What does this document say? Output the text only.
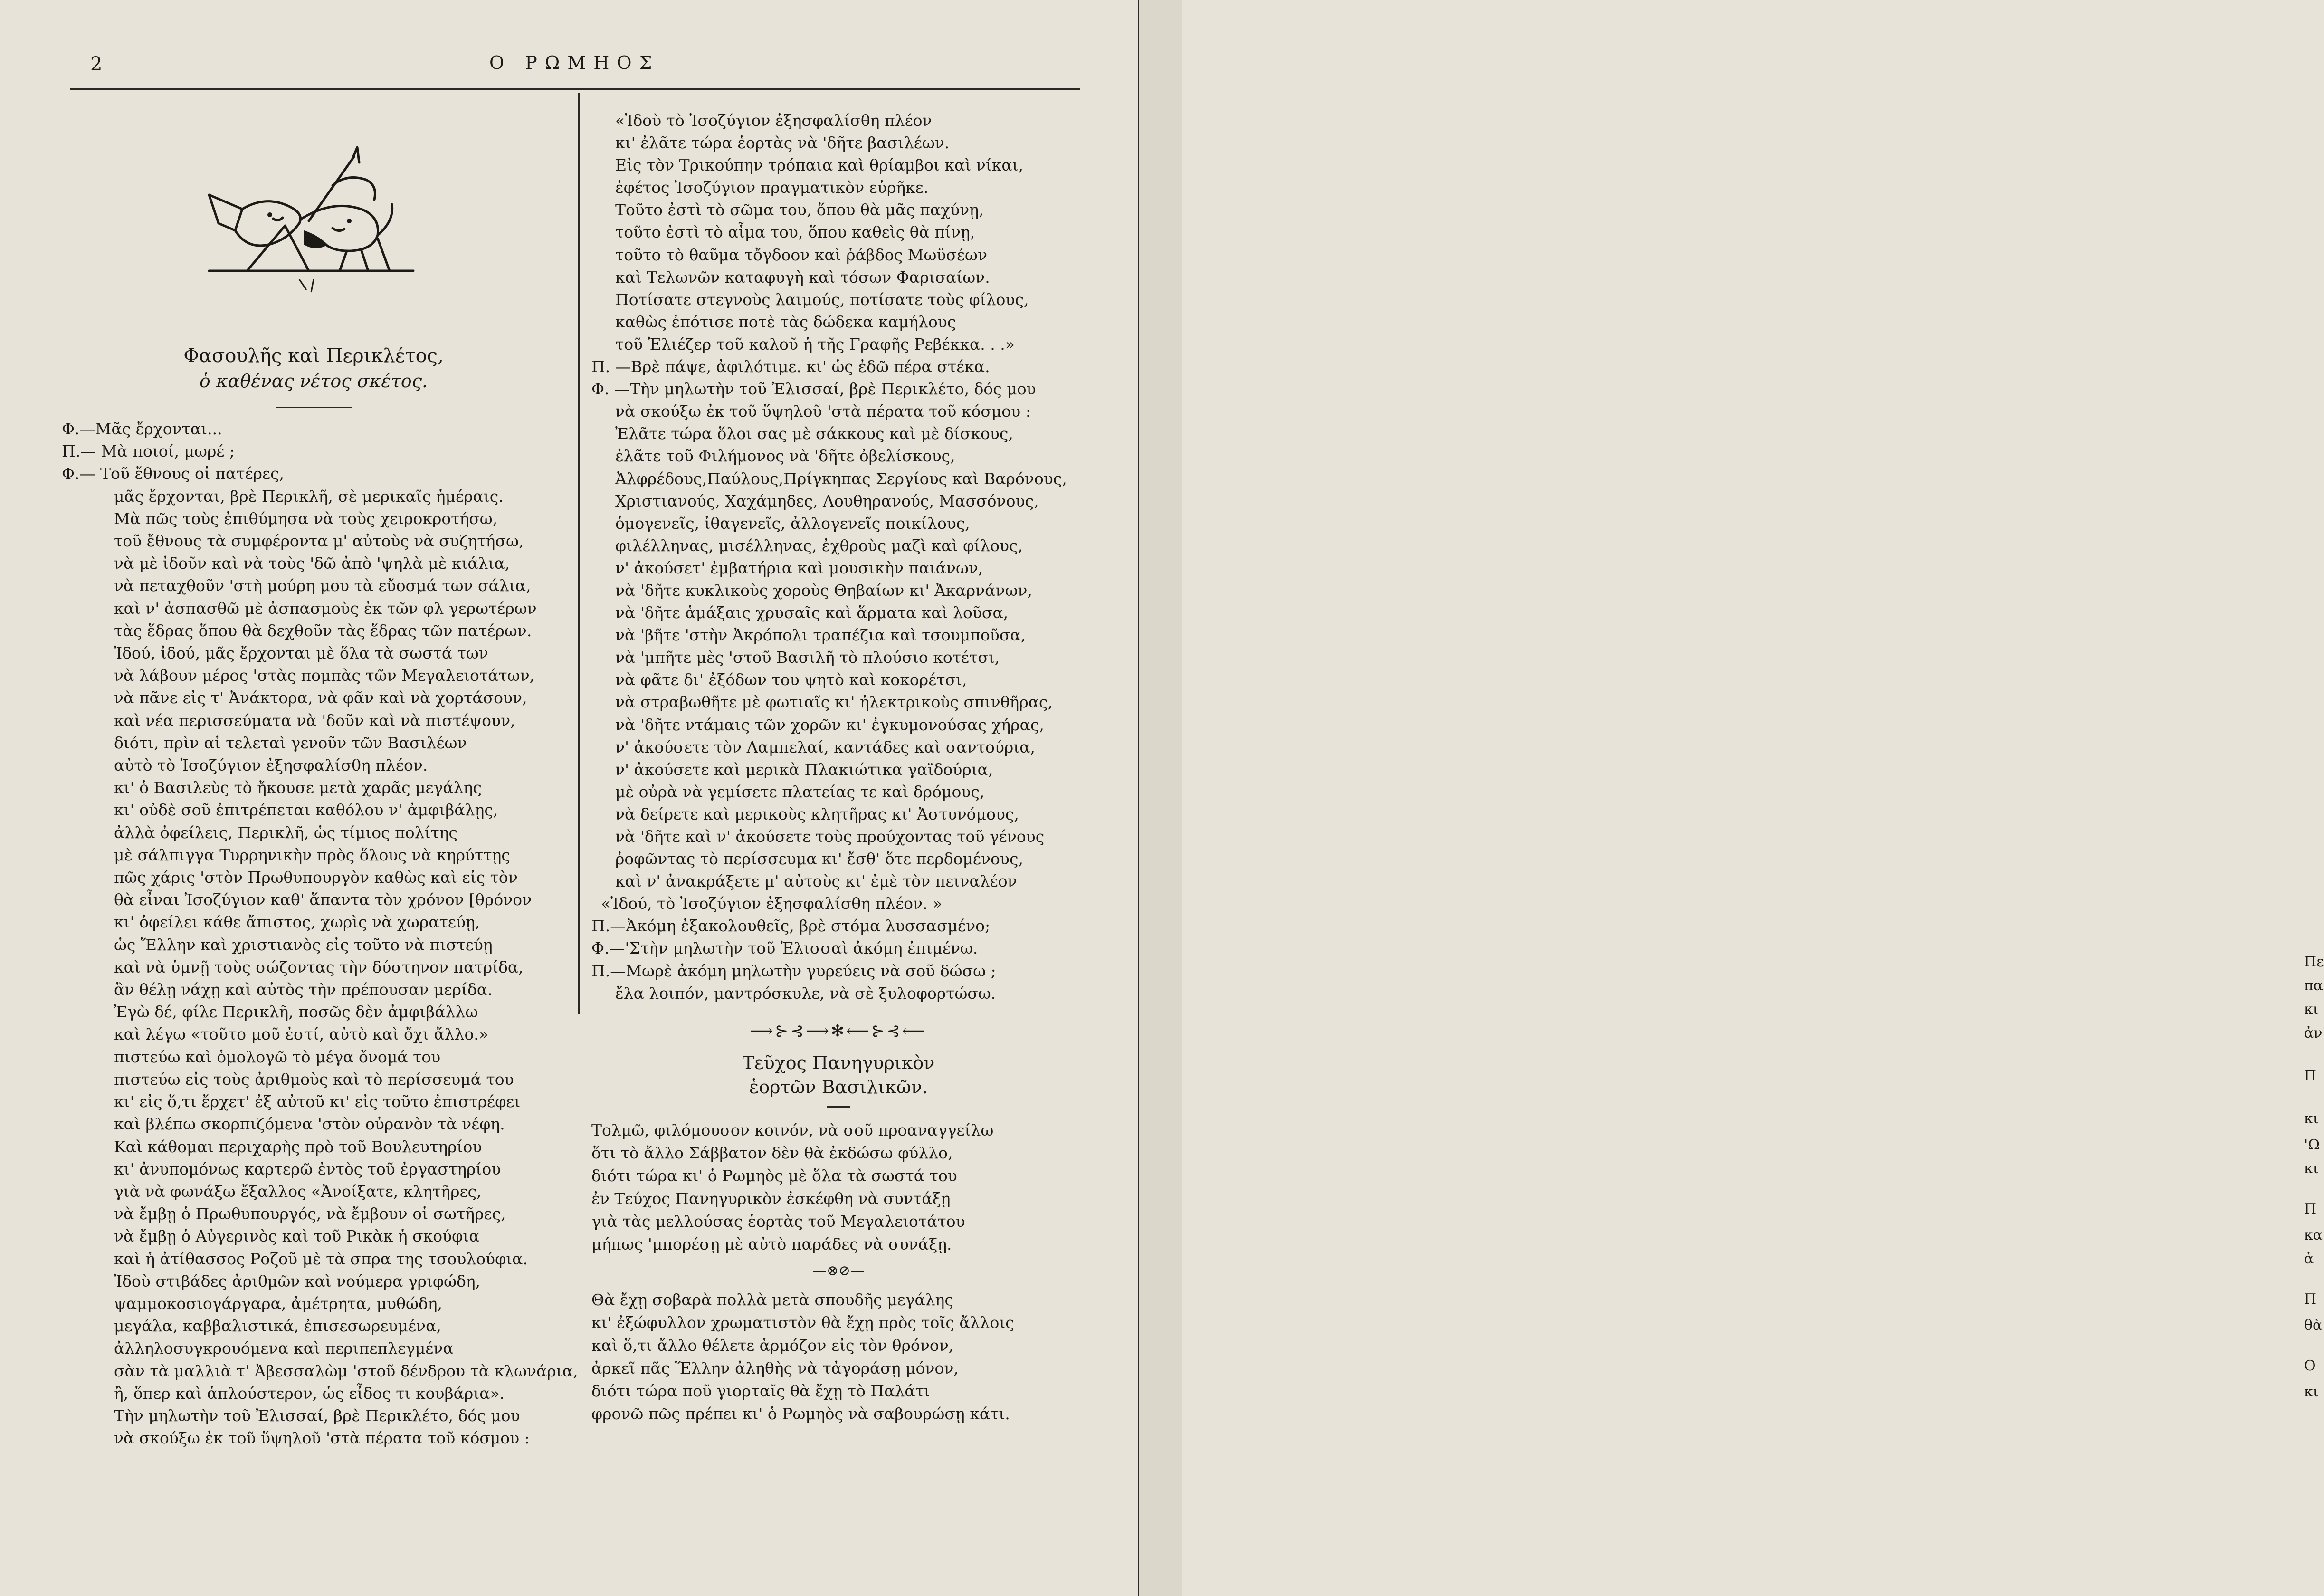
Πε
πα
κι
ἀν
Π
κι
'Ω
κι
Π
κα
ἀ
Π
θὰ
Ο
κι
2	Ο ΡΩΜΗΟΣ
Φασουλῆς καὶ Περικλέτος,
ὁ καθένας νέτος σκέτος.
Φ.—Μᾶς ἔρχονται...
Π.— Μὰ ποιοί, μωρέ ;
Φ.— Τοῦ ἔθνους οἱ πατέρες,
μᾶς ἔρχονται, βρὲ Περικλῆ, σὲ μερικαῖς ἡμέραις.
Μὰ πῶς τοὺς ἐπιθύμησα νὰ τοὺς χειροκροτήσω,
τοῦ ἔθνους τὰ συμφέροντα μ' αὐτοὺς νὰ συζητήσω,
νὰ μὲ ἰδοῦν καὶ νὰ τοὺς 'δῶ ἀπὸ 'ψηλὰ μὲ κιάλια,
νὰ πεταχθοῦν 'στὴ μούρη μου τὰ εὔοσμά των σάλια,
καὶ ν' ἀσπασθῶ μὲ ἀσπασμοὺς ἐκ τῶν φλ γερωτέρων
τὰς ἕδρας ὅπου θὰ δεχθοῦν τὰς ἕδρας τῶν πατέρων.
Ἰδού, ἰδού, μᾶς ἔρχονται μὲ ὅλα τὰ σωστά των
νὰ λάβουν μέρος 'στὰς πομπὰς τῶν Μεγαλειοτάτων,
νὰ πᾶνε εἰς τ' Ἀνάκτορα, νὰ φᾶν καὶ νὰ χορτάσουν,
καὶ νέα περισσεύματα νὰ 'δοῦν καὶ νὰ πιστέψουν,
διότι, πρὶν αἱ τελεταὶ γενοῦν τῶν Βασιλέων
αὐτὸ τὸ Ἰσοζύγιον ἐξησφαλίσθη πλέον.
κι' ὁ Βασιλεὺς τὸ ἤκουσε μετὰ χαρᾶς μεγάλης
κι' οὐδὲ σοῦ ἐπιτρέπεται καθόλου ν' ἀμφιβάλῃς,
ἀλλὰ ὀφείλεις, Περικλῆ, ὡς τίμιος πολίτης
μὲ σάλπιγγα Τυρρηνικὴν πρὸς ὅλους νὰ κηρύττῃς
πῶς χάρις 'στὸν Πρωθυπουργὸν καθὼς καὶ εἰς τὸν
θὰ εἶναι Ἰσοζύγιον καθ' ἅπαντα τὸν χρόνον [θρόνον
κι' ὀφείλει κάθε ἄπιστος, χωρὶς νὰ χωρατεύῃ,
ὡς Ἕλλην καὶ χριστιανὸς εἰς τοῦτο νὰ πιστεύῃ
καὶ νὰ ὑμνῇ τοὺς σώζοντας τὴν δύστηνον πατρίδα,
ἂν θέλῃ νάχῃ καὶ αὐτὸς τὴν πρέπουσαν μερίδα.
Ἐγὼ δέ, φίλε Περικλῆ, ποσῶς δὲν ἀμφιβάλλω
καὶ λέγω «τοῦτο μοῦ ἐστί, αὐτὸ καὶ ὄχι ἄλλο.»
πιστεύω καὶ ὁμολογῶ τὸ μέγα ὄνομά του
πιστεύω εἰς τοὺς ἀριθμοὺς καὶ τὸ περίσσευμά του
κι' εἰς ὅ,τι ἔρχετ' ἐξ αὐτοῦ κι' εἰς τοῦτο ἐπιστρέφει
καὶ βλέπω σκορπιζόμενα 'στὸν οὐρανὸν τὰ νέφη.
Καὶ κάθομαι περιχαρὴς πρὸ τοῦ Βουλευτηρίου
κι' ἀνυπομόνως καρτερῶ ἐντὸς τοῦ ἐργαστηρίου
γιὰ νὰ φωνάξω ἔξαλλος «Ἀνοίξατε, κλητῆρες,
νὰ ἔμβῃ ὁ Πρωθυπουργός, νὰ ἔμβουν οἱ σωτῆρες,
νὰ ἔμβῃ ὁ Αὐγερινὸς καὶ τοῦ Ρικὰκ ἡ σκούφια
καὶ ἡ ἀτίθασσος Ροζοῦ μὲ τὰ σπρα της τσουλούφια.
Ἰδοὺ στιβάδες ἀριθμῶν καὶ νούμερα γριφώδη,
ψαμμοκοσιογάργαρα, ἀμέτρητα, μυθώδη,
μεγάλα, καββαλιστικά, ἐπισεσωρευμένα,
ἀλληλοσυγκρουόμενα καὶ περιπεπλεγμένα
σὰν τὰ μαλλιὰ τ' Ἀβεσσαλὼμ 'στοῦ δένδρου τὰ κλωνάρια,
ἢ, ὅπερ καὶ ἁπλούστερον, ὡς εἶδος τι κουβάρια».
Τὴν μηλωτὴν τοῦ Ἐλισσαί, βρὲ Περικλέτο, δός μου
νὰ σκούξω ἐκ τοῦ ὕψηλοῦ 'στὰ πέρατα τοῦ κόσμου :
«Ἰδοὺ τὸ Ἰσοζύγιον ἐξησφαλίσθη πλέον
κι' ἐλᾶτε τώρα ἑορτὰς νὰ 'δῆτε βασιλέων.
Εἰς τὸν Τρικούπην τρόπαια καὶ θρίαμβοι καὶ νίκαι,
ἐφέτος Ἰσοζύγιον πραγματικὸν εὑρῆκε.
Τοῦτο ἐστὶ τὸ σῶμα του, ὅπου θὰ μᾶς παχύνῃ,
τοῦτο ἐστὶ τὸ αἷμα του, ὅπου καθεὶς θὰ πίνῃ,
τοῦτο τὸ θαῦμα τὄγδοον καὶ ῥάβδος Μωϋσέων
καὶ Τελωνῶν καταφυγὴ καὶ τόσων Φαρισαίων.
Ποτίσατε στεγνοὺς λαιμούς, ποτίσατε τοὺς φίλους,
καθὼς ἐπότισε ποτὲ τὰς δώδεκα καμήλους
τοῦ Ἐλιέζερ τοῦ καλοῦ ἡ τῆς Γραφῆς Ρεβέκκα. . .»
Π. —Βρὲ πάψε, ἀφιλότιμε. κι' ὡς ἐδῶ πέρα στέκα.
Φ. —Τὴν μηλωτὴν τοῦ Ἐλισσαί, βρὲ Περικλέτο, δός μου
νὰ σκούξω ἐκ τοῦ ὕψηλοῦ 'στὰ πέρατα τοῦ κόσμου :
Ἐλᾶτε τώρα ὅλοι σας μὲ σάκκους καὶ μὲ δίσκους,
ἐλᾶτε τοῦ Φιλήμονος νὰ 'δῆτε ὀβελίσκους,
Ἀλφρέδους,Παύλους,Πρίγκηπας Σεργίους καὶ Βαρόνους,
Χριστιανούς, Χαχάμηδες, Λουθηρανούς, Μασσόνους,
ὁμογενεῖς, ἰθαγενεῖς, ἀλλογενεῖς ποικίλους,
φιλέλληνας, μισέλληνας, ἐχθροὺς μαζὶ καὶ φίλους,
ν' ἀκούσετ' ἐμβατήρια καὶ μουσικὴν παιάνων,
νὰ 'δῆτε κυκλικοὺς χοροὺς Θηβαίων κι' Ἀκαρνάνων,
νὰ 'δῆτε ἁμάξαις χρυσαῖς καὶ ἅρματα καὶ λοῦσα,
νὰ 'βῆτε 'στὴν Ἀκρόπολι τραπέζια καὶ τσουμποῦσα,
νὰ 'μπῆτε μὲς 'στοῦ Βασιλῆ τὸ πλούσιο κοτέτσι,
νὰ φᾶτε δι' ἐξόδων του ψητὸ καὶ κοκορέτσι,
νὰ στραβωθῆτε μὲ φωτιαῖς κι' ἠλεκτρικοὺς σπινθῆρας,
νὰ 'δῆτε ντάμαις τῶν χορῶν κι' ἐγκυμονούσας χήρας,
ν' ἀκούσετε τὸν Λαμπελαί, καντάδες καὶ σαντούρια,
ν' ἀκούσετε καὶ μερικὰ Πλακιώτικα γαϊδούρια,
μὲ οὐρὰ νὰ γεμίσετε πλατείας τε καὶ δρόμους,
νὰ δείρετε καὶ μερικοὺς κλητῆρας κι' Ἀστυνόμους,
νὰ 'δῆτε καὶ ν' ἀκούσετε τοὺς προύχοντας τοῦ γένους
ῥοφῶντας τὸ περίσσευμα κι' ἔσθ' ὅτε περδομένους,
καὶ ν' ἀνακράξετε μ' αὐτοὺς κι' ἐμὲ τὸν πειναλέον
«Ἰδού, τὸ Ἰσοζύγιον ἐξησφαλίσθη πλέον. »
Π.—Ἀκόμη ἐξακολουθεῖς, βρὲ στόμα λυσσασμένο;
Φ.—'Στὴν μηλωτὴν τοῦ Ἐλισσαὶ ἀκόμη ἐπιμένω.
Π.—Μωρὲ ἀκόμη μηλωτὴν γυρεύεις νὰ σοῦ δώσω ;
ἔλα λοιπόν, μαντρόσκυλε, νὰ σὲ ξυλοφορτώσω.
⟶⊱⊰⟶✻⟵⊱⊰⟵
Τεῦχος Πανηγυρικὸν
ἑορτῶν Βασιλικῶν.
Τολμῶ, φιλόμουσον κοινόν, νὰ σοῦ προαναγγείλω
ὅτι τὸ ἄλλο Σάββατον δὲν θὰ ἐκδώσω φύλλο,
διότι τώρα κι' ὁ Ρωμηὸς μὲ ὅλα τὰ σωστά του
ἐν Τεύχος Πανηγυρικὸν ἐσκέφθη νὰ συντάξῃ
γιὰ τὰς μελλούσας ἑορτὰς τοῦ Μεγαλειοτάτου
μήπως 'μπορέσῃ μὲ αὐτὸ παράδες νὰ συνάξῃ.
—⊗⊘—
Θὰ ἔχῃ σοβαρὰ πολλὰ μετὰ σπουδῆς μεγάλης
κι' ἐξώφυλλον χρωματιστὸν θὰ ἔχῃ πρὸς τοῖς ἄλλοις
καὶ ὅ,τι ἄλλο θέλετε ἁρμόζον εἰς τὸν θρόνον,
ἀρκεῖ πᾶς Ἕλλην ἀληθὴς νὰ τἀγοράσῃ μόνον,
διότι τώρα ποῦ γιορταῖς θὰ ἔχῃ τὸ Παλάτι
φρονῶ πῶς πρέπει κι' ὁ Ρωμηὸς νὰ σαβουρώσῃ κάτι.
